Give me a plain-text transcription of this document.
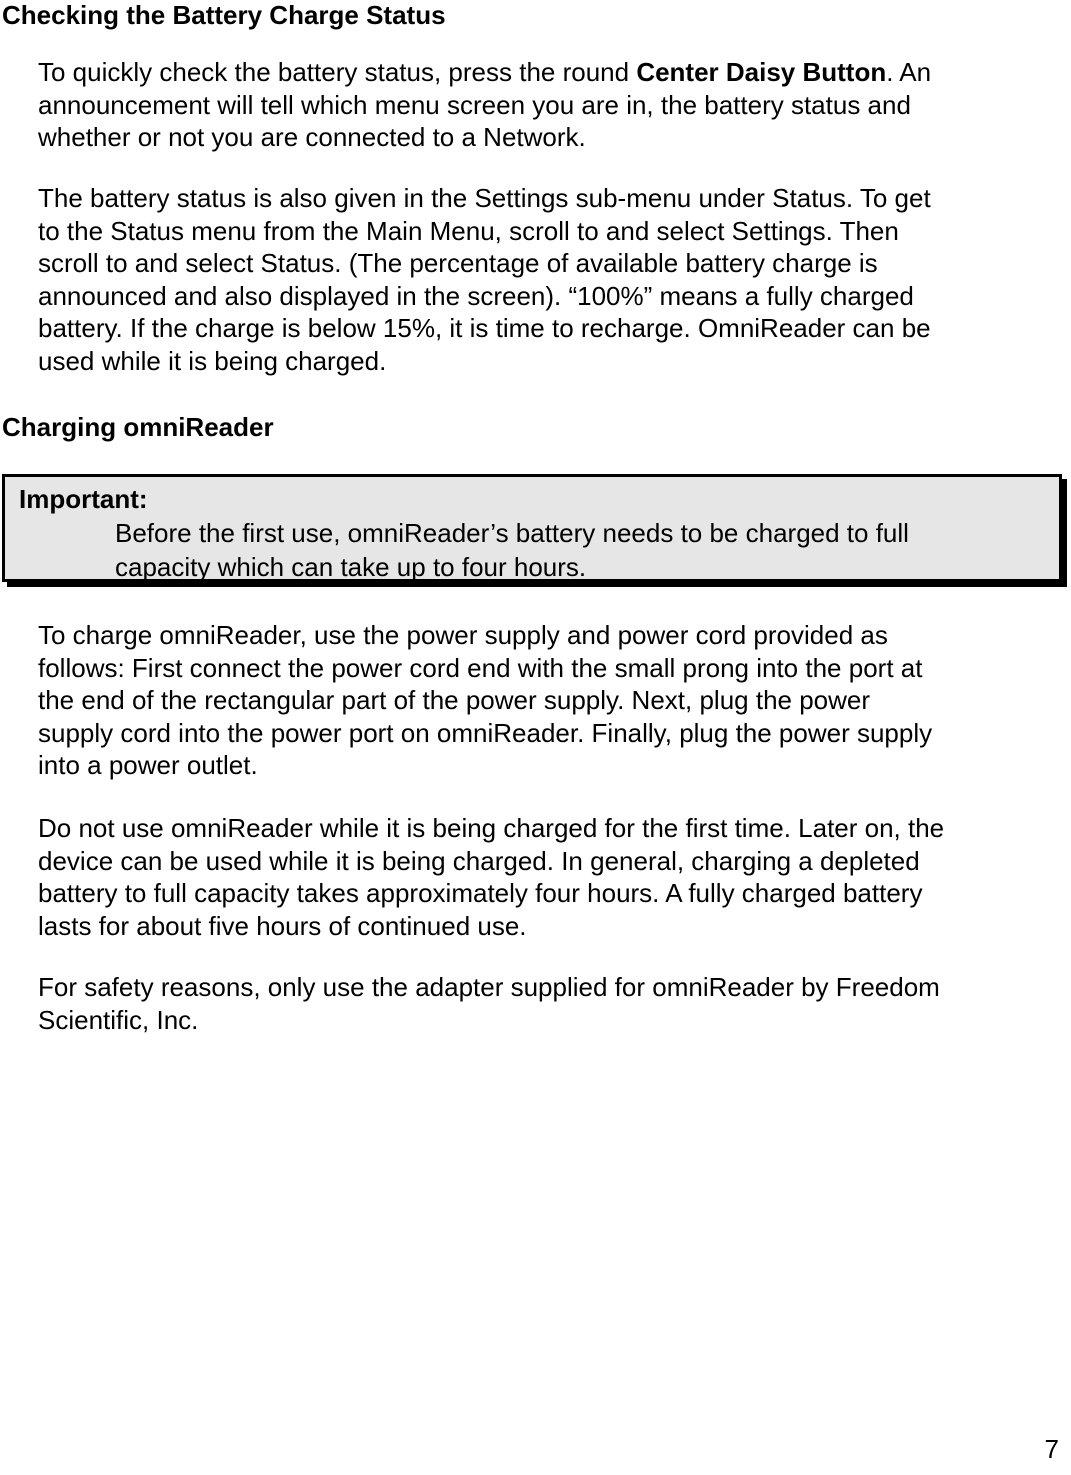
Checking the Battery Charge Status

To quickly check the battery status, press the round Center Daisy Button. An
announcement will tell which menu screen you are in, the battery status and
whether or not you are connected to a Network.

The battery status is also given in the Settings sub-menu under Status. To get
to the Status menu from the Main Menu, scroll to and select Settings. Then
scroll to and select Status. (The percentage of available battery charge is
announced and also displayed in the screen). “100%” means a fully charged
battery. If the charge is below 15%, it is time to recharge. OmniReader can be
used while it is being charged.

Charging omniReader
Important:
Before the first use, omniReader’s battery needs to be charged to full
capacity which can take up to four hours.

To charge omniReader, use the power supply and power cord provided as
follows: First connect the power cord end with the small prong into the port at
the end of the rectangular part of the power supply. Next, plug the power
supply cord into the power port on omniReader. Finally, plug the power supply
into a power outlet.

Do not use omniReader while it is being charged for the first time. Later on, the
device can be used while it is being charged. In general, charging a depleted
battery to full capacity takes approximately four hours. A fully charged battery
lasts for about five hours of continued use.

For safety reasons, only use the adapter supplied for omniReader by Freedom
Scientific, Inc.

7
